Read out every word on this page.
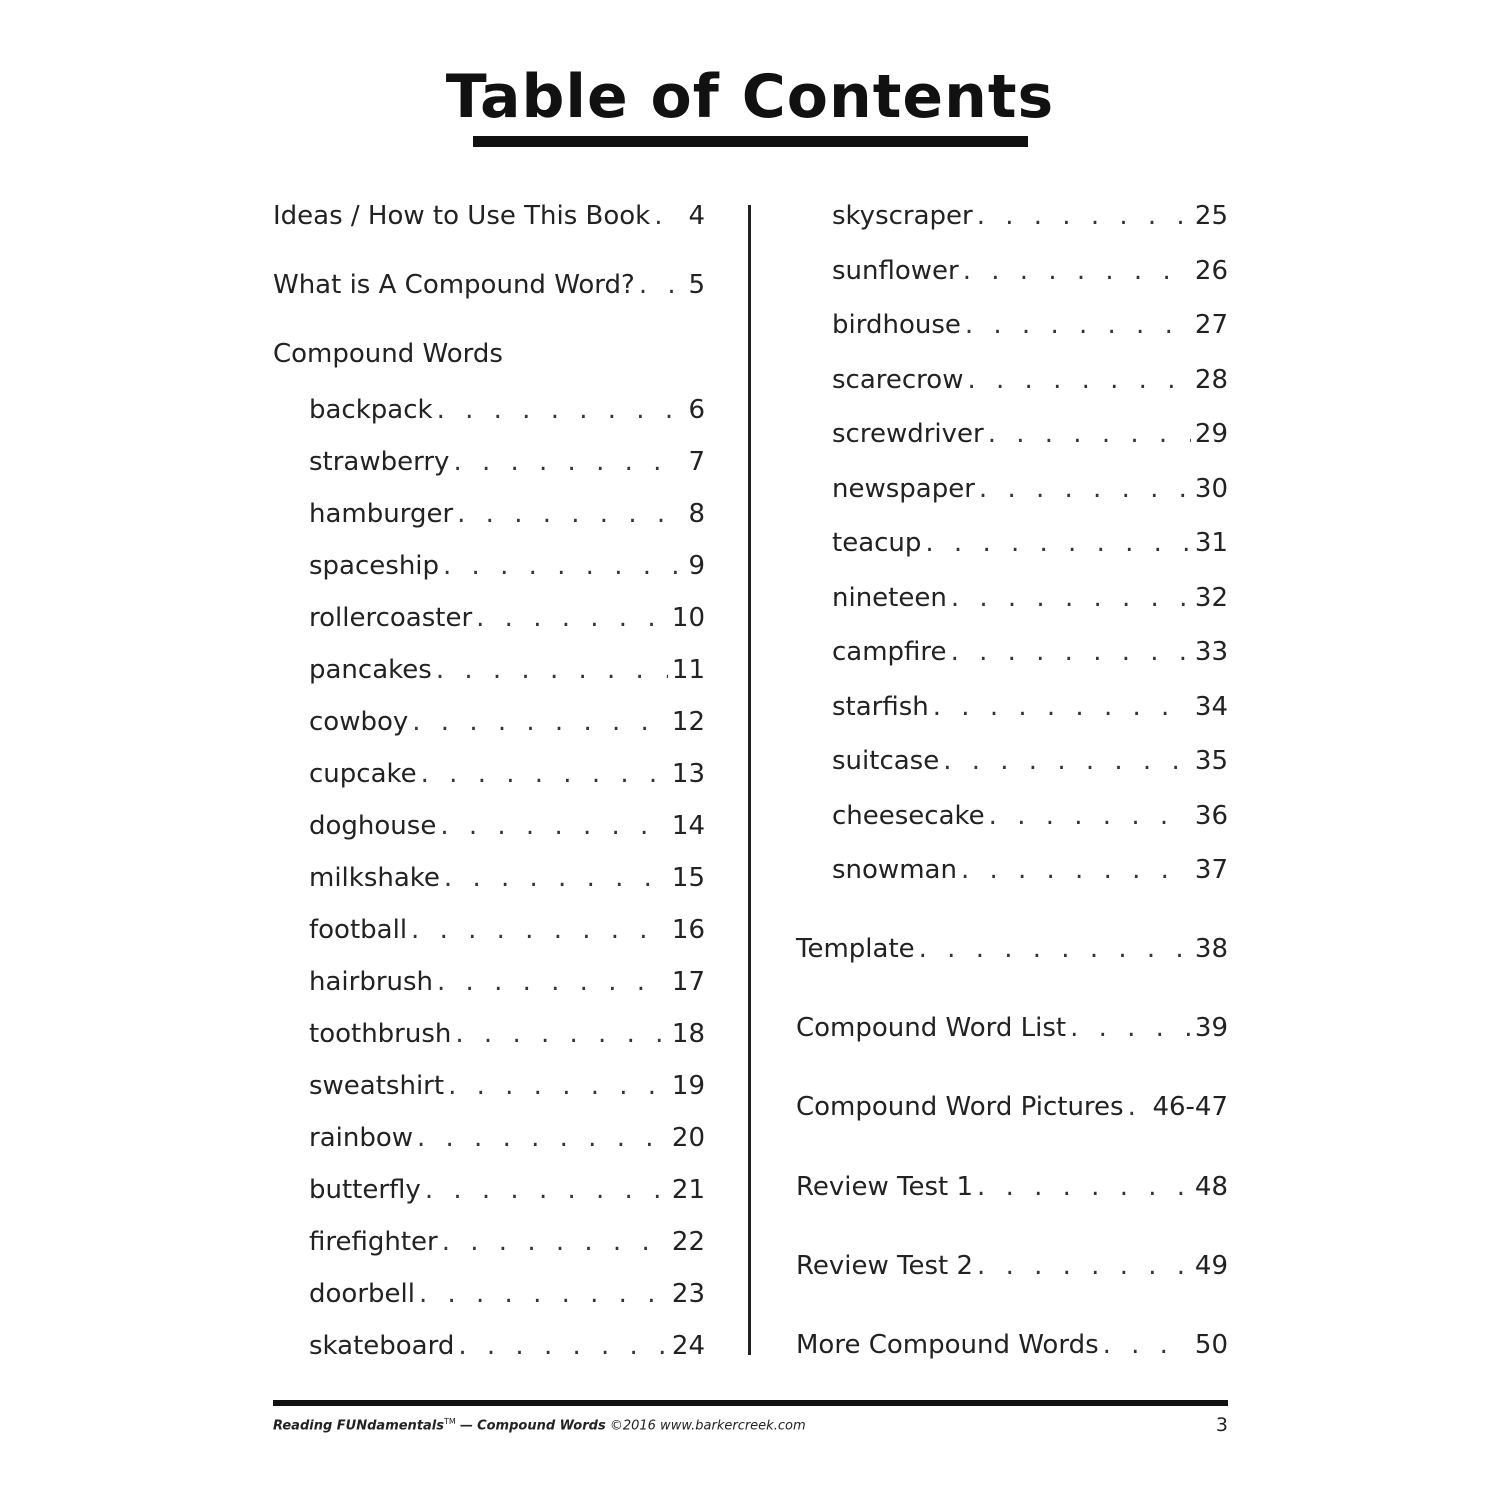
Table of Contents
Ideas / How to Use This Book . . . 4
What is A Compound Word? . . . 5
Compound Words
backpack . . .	6
strawberry . . .	7
hamburger . . .	8
spaceship . . .	9
rollercoaster . . .	10
pancakes . . .	11
cowboy . . .	12
cupcake . . .	13
doghouse . . .	14
milkshake . . .	15
football . . .	16
hairbrush . . .	17
toothbrush . . .	18
sweatshirt . . .	19
rainbow . . .	20
butterfly . . .	21
firefighter . . .	22
doorbell . . .	23
skateboard . . .	24
skyscraper . . .	25
sunflower . . .	26
birdhouse . . .	27
scarecrow . . .	28
screwdriver . . .	29
newspaper . . .	30
teacup . . .	31
nineteen . . .	32
campfire . . .	33
starfish . . .	34
suitcase . . .	35
cheesecake . . .	36
snowman . . .	37
Template . . .	38
Compound Word List . . .	39
Compound Word Pictures . . . 46-47
Review Test 1 . . .	48
Review Test 2 . . .	49
More Compound Words . . .	50
Reading FUNdamentals™ — Compound Words ©2016 www.barkercreek.com	3
